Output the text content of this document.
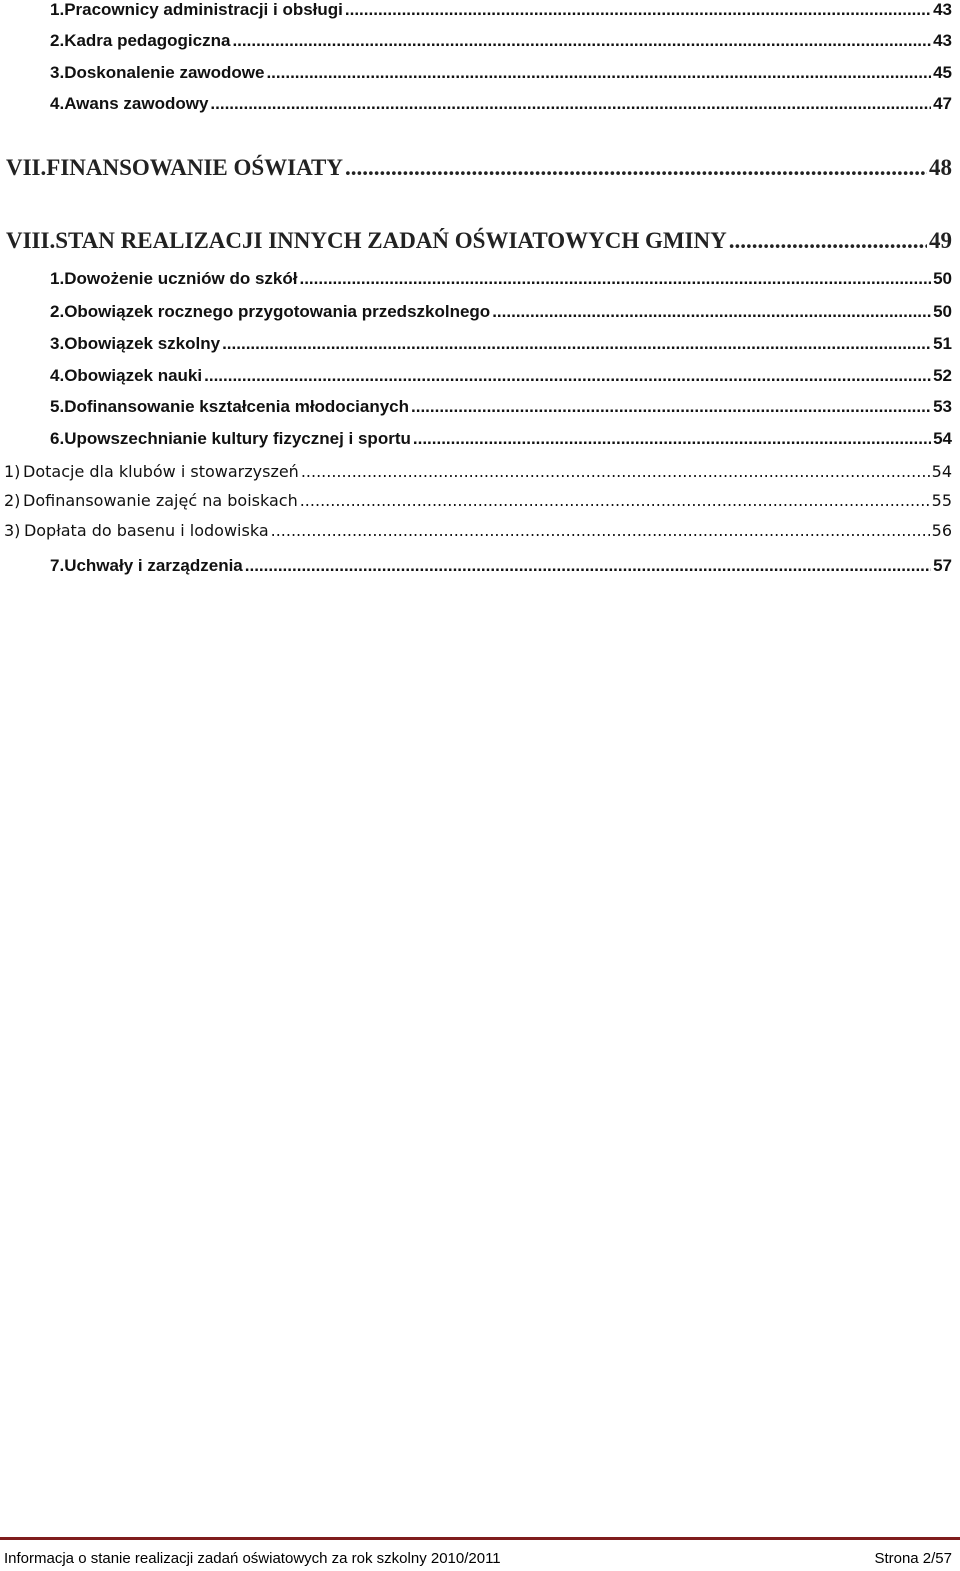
1. Pracownicy administracji i obsługi .....	43
2. Kadra pedagogiczna .....	43
3. Doskonalenie zawodowe .....	45
4. Awans zawodowy .....	47
VII. FINANSOWANIE OŚWIATY .....	48
VIII. STAN REALIZACJI INNYCH ZADAŃ OŚWIATOWYCH GMINY .....	49
1. Dowożenie uczniów do szkół .....	50
2. Obowiązek rocznego przygotowania przedszkolnego .....	50
3. Obowiązek szkolny .....	51
4. Obowiązek nauki .....	52
5. Dofinansowanie kształcenia młodocianych .....	53
6. Upowszechnianie kultury fizycznej i sportu .....	54
1) Dotacje dla klubów i stowarzyszeń .....	54
2) Dofinansowanie zajęć na boiskach .....	55
3) Dopłata do basenu i lodowiska .....	56
7. Uchwały i zarządzenia .....	57
Informacja o stanie realizacji zadań oświatowych za rok szkolny 2010/2011	Strona 2/57
